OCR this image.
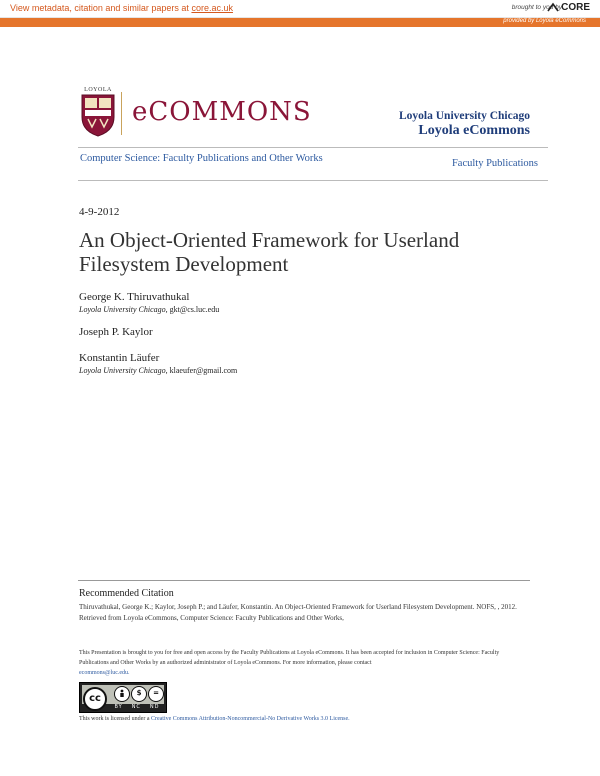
View metadata, citation and similar papers at core.ac.uk	brought to you by CORE
provided by Loyola eCommons
LOYOLA
eCOMMONS	Loyola University Chicago
Loyola eCommons
Computer Science: Faculty Publications and Other Works	Faculty Publications
4-9-2012
An Object-Oriented Framework for Userland Filesystem Development
George K. Thiruvathukal
Loyola University Chicago, gkt@cs.luc.edu
Joseph P. Kaylor
Konstantin Läufer
Loyola University Chicago, klaeufer@gmail.com
Recommended Citation
Thiruvathukal, George K.; Kaylor, Joseph P.; and Läufer, Konstantin. An Object-Oriented Framework for Userland Filesystem Development. NOFS, , 2012. Retrieved from Loyola eCommons, Computer Science: Faculty Publications and Other Works,
This Presentation is brought to you for free and open access by the Faculty Publications at Loyola eCommons. It has been accepted for inclusion in Computer Science: Faculty Publications and Other Works by an authorized administrator of Loyola eCommons. For more information, please contact
ecommons@luc.edu.
cc	$	=
BY NC ND
This work is licensed under a Creative Commons Attribution-Noncommercial-No Derivative Works 3.0 License.
